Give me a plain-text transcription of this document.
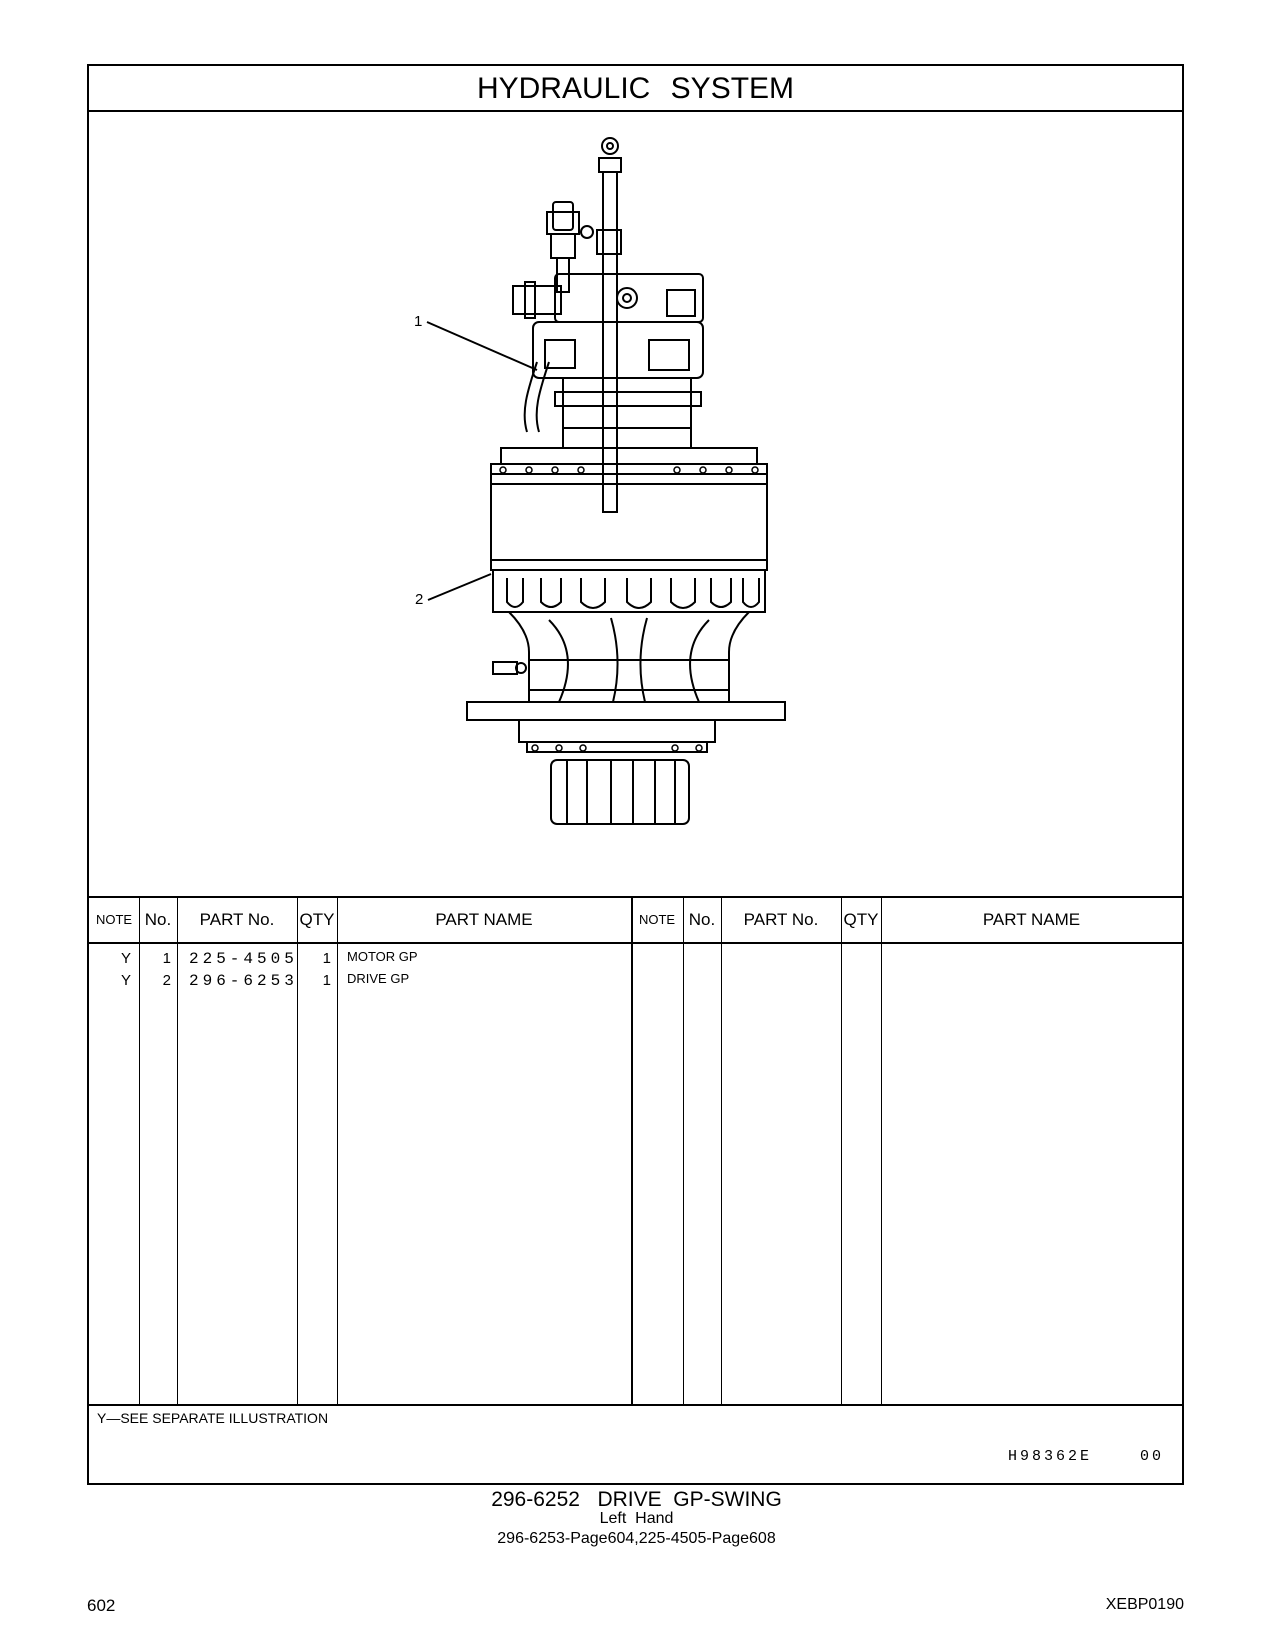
HYDRAULIC SYSTEM
1
2
NOTE No.	PART No.	QTY	PART NAME	NOTE No.	PART No.	QTY	PART NAME
Y	1 225-4505	1 MOTOR GP
Y	2 296-6253	1 DRIVE GP
Y—SEE SEPARATE ILLUSTRATION
H98362E    00
296-6252   DRIVE  GP-SWING
Left  Hand
296-6253-Page604,225-4505-Page608
602	XEBP0190
